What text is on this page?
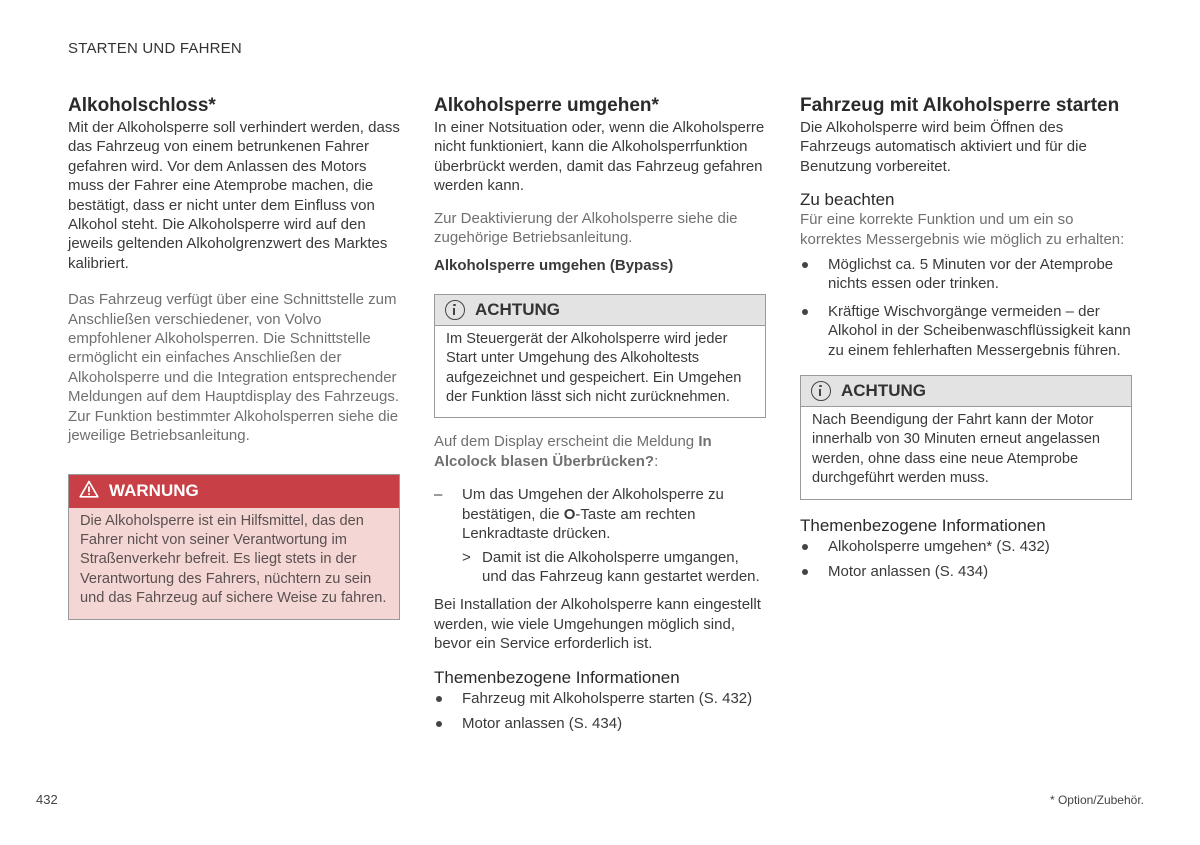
STARTEN UND FAHREN
Alkoholschloss*

Mit der Alkoholsperre soll verhindert werden, dass das Fahrzeug von einem betrunkenen Fahrer gefahren wird. Vor dem Anlassen des Motors muss der Fahrer eine Atemprobe machen, die bestätigt, dass er nicht unter dem Einfluss von Alkohol steht. Die Alkoholsperre wird auf den jeweils geltenden Alkoholgrenzwert des Marktes kalibriert.

Das Fahrzeug verfügt über eine Schnittstelle zum Anschließen verschiedener, von Volvo empfohlener Alkoholsperren. Die Schnittstelle ermöglicht ein einfaches Anschließen der Alkoholsperre und die Integration entsprechender Meldungen auf dem Hauptdisplay des Fahrzeugs. Zur Funktion bestimmter Alkoholsperren siehe die jeweilige Betriebsanleitung.

WARNUNG
Die Alkoholsperre ist ein Hilfsmittel, das den Fahrer nicht von seiner Verantwortung im Straßenverkehr befreit. Es liegt stets in der Verantwortung des Fahrers, nüchtern zu sein und das Fahrzeug auf sichere Weise zu fahren.
Alkoholsperre umgehen*

In einer Notsituation oder, wenn die Alkoholsperre nicht funktioniert, kann die Alkoholsperrfunktion überbrückt werden, damit das Fahrzeug gefahren werden kann.

Zur Deaktivierung der Alkoholsperre siehe die zugehörige Betriebsanleitung.

Alkoholsperre umgehen (Bypass)

ACHTUNG
Im Steuergerät der Alkoholsperre wird jeder Start unter Umgehung des Alkoholtests aufgezeichnet und gespeichert. Ein Umgehen der Funktion lässt sich nicht zurücknehmen.

Auf dem Display erscheint die Meldung In Alcolock blasen Überbrücken?:

– Um das Umgehen der Alkoholsperre zu bestätigen, die O-Taste am rechten Lenkradtaste drücken.
> Damit ist die Alkoholsperre umgangen, und das Fahrzeug kann gestartet werden.

Bei Installation der Alkoholsperre kann eingestellt werden, wie viele Umgehungen möglich sind, bevor ein Service erforderlich ist.

Themenbezogene Informationen
Fahrzeug mit Alkoholsperre starten (S. 432)
Motor anlassen (S. 434)
Fahrzeug mit Alkoholsperre starten

Die Alkoholsperre wird beim Öffnen des Fahrzeugs automatisch aktiviert und für die Benutzung vorbereitet.

Zu beachten

Für eine korrekte Funktion und um ein so korrektes Messergebnis wie möglich zu erhalten:

Möglichst ca. 5 Minuten vor der Atemprobe nichts essen oder trinken.
Kräftige Wischvorgänge vermeiden – der Alkohol in der Scheibenwaschflüssigkeit kann zu einem fehlerhaften Messergebnis führen.
ACHTUNG
Nach Beendigung der Fahrt kann der Motor innerhalb von 30 Minuten erneut angelassen werden, ohne dass eine neue Atemprobe durchgeführt werden muss.
Themenbezogene Informationen
Alkoholsperre umgehen* (S. 432)
Motor anlassen (S. 434)
432	* Option/Zubehör.
